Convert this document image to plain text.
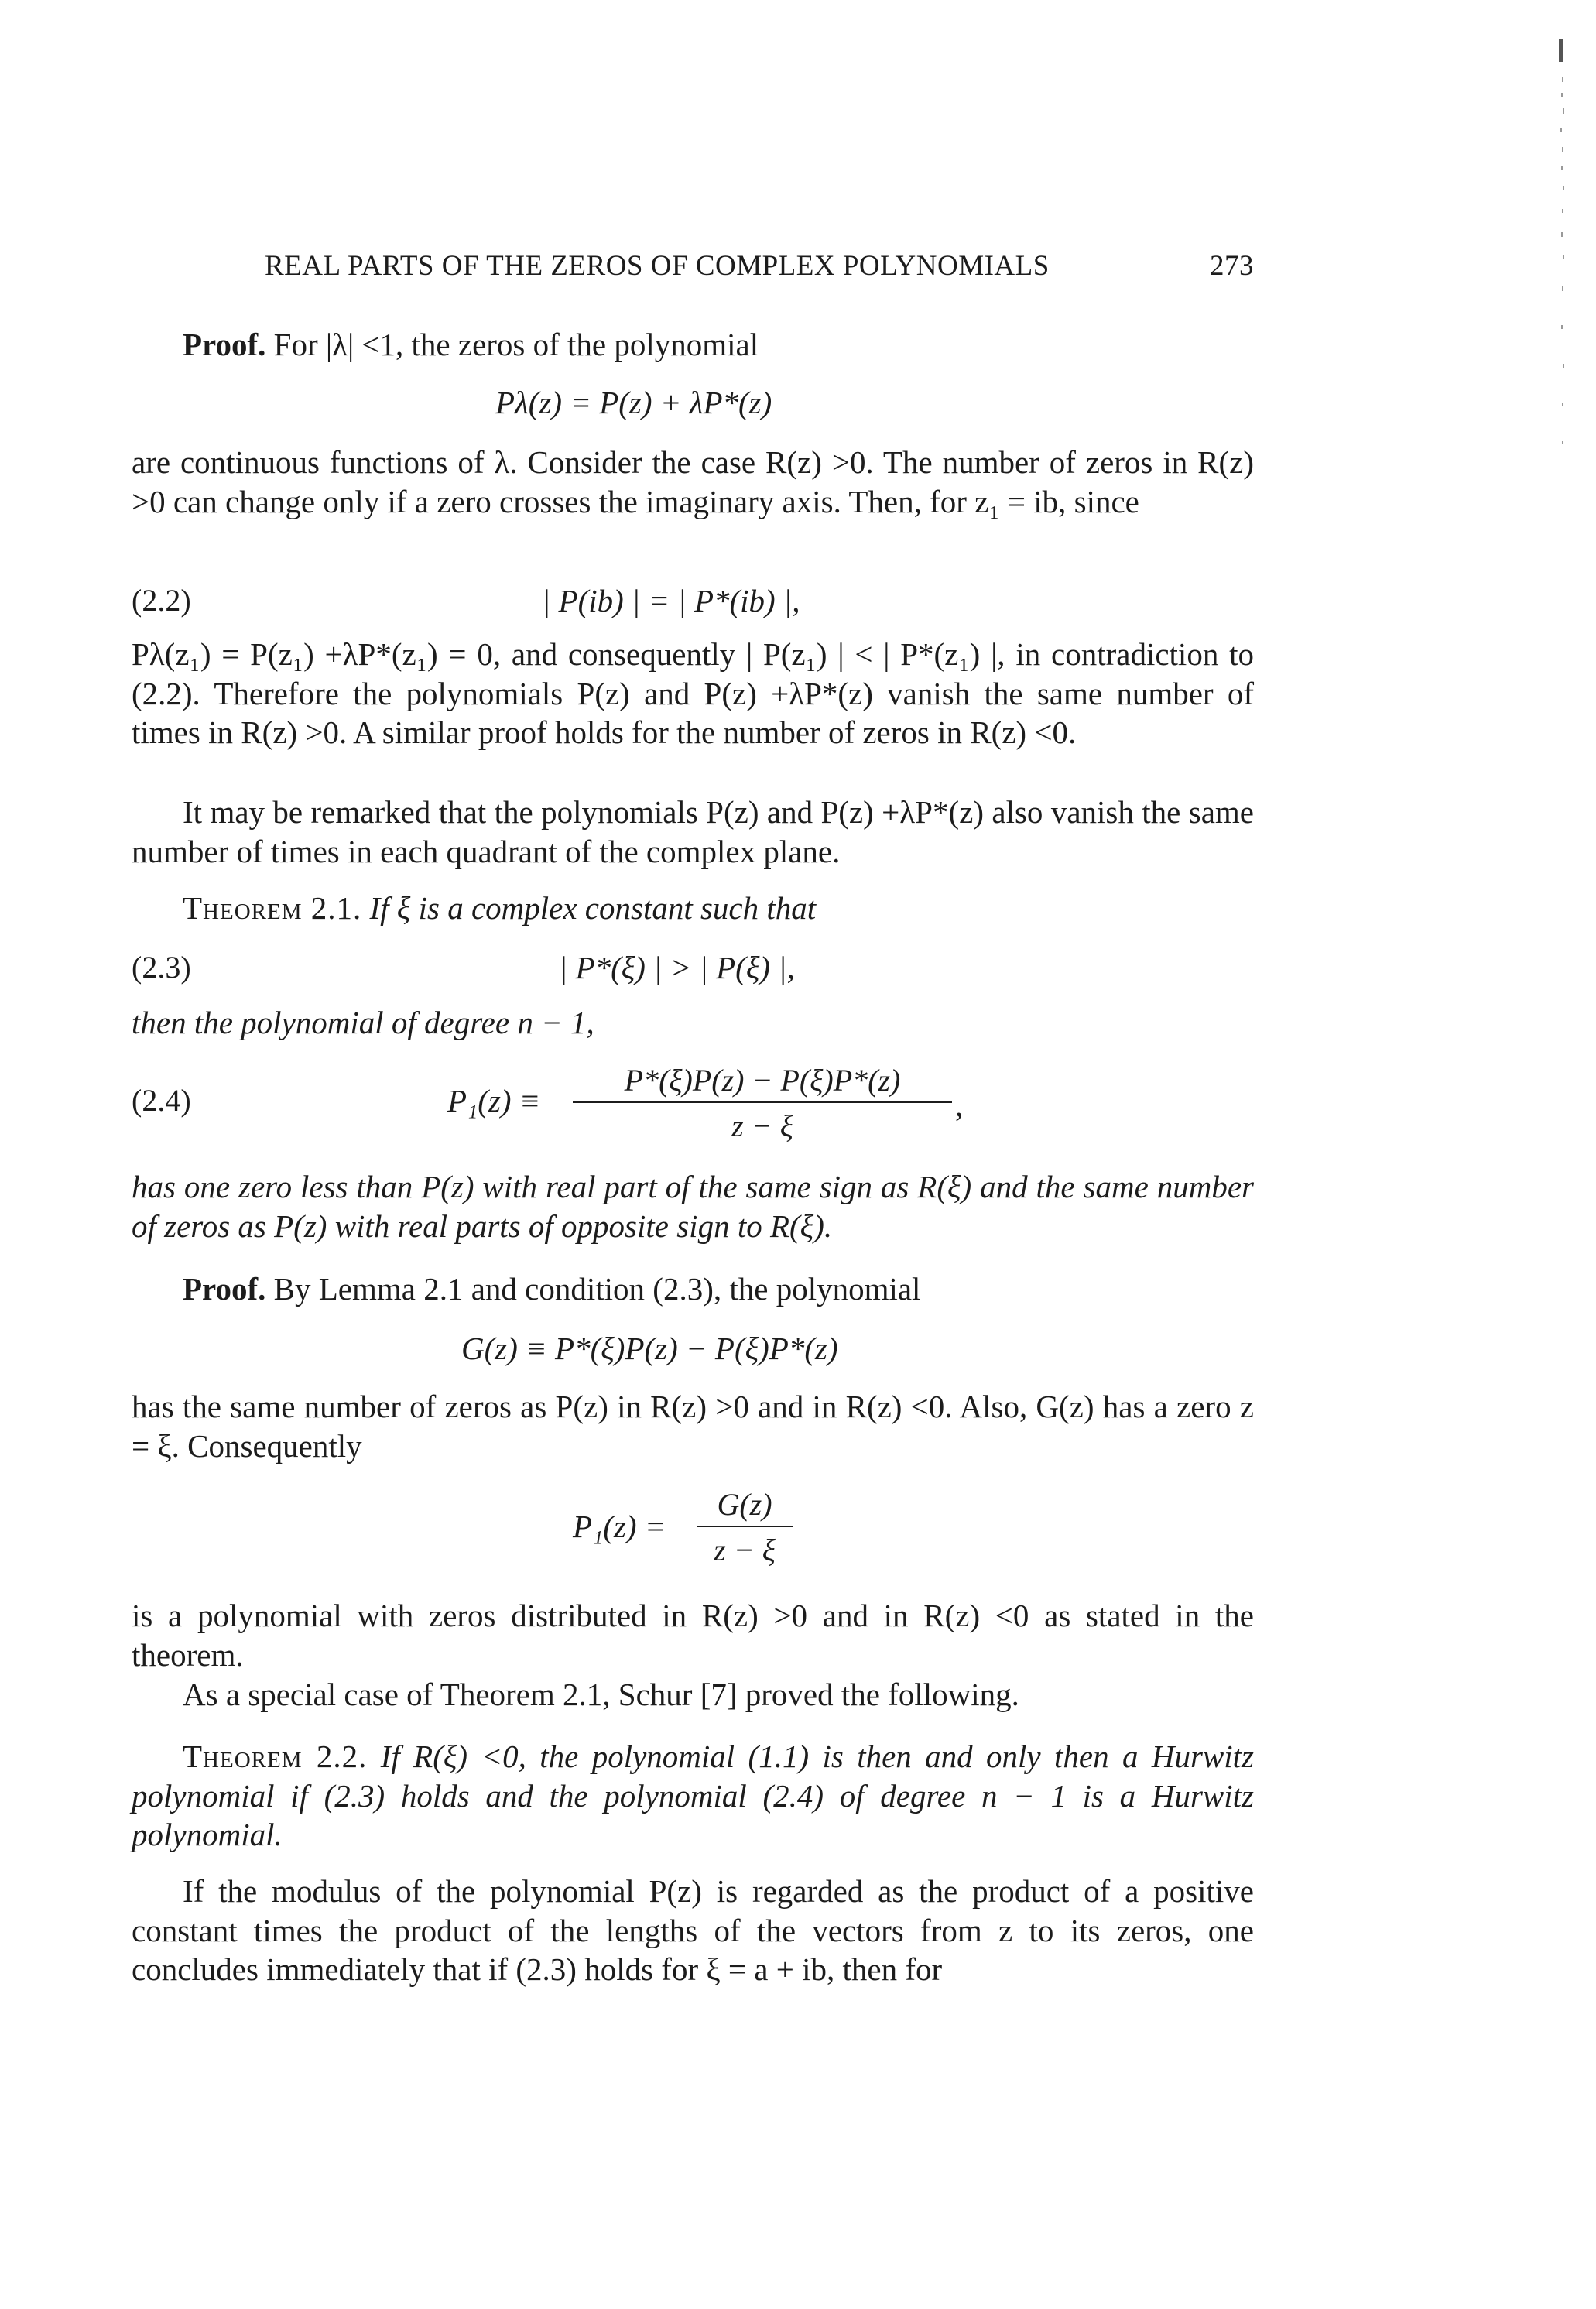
REAL PARTS OF THE ZEROS OF COMPLEX POLYNOMIALS	273
Proof. For |λ| <1, the zeros of the polynomial
Pλ(z) = P(z) + λP*(z)
are continuous functions of λ. Consider the case R(z) >0. The number of zeros in R(z) >0 can change only if a zero crosses the imaginary axis. Then, for z₁ = ib, since
(2.2)	| P(ib) | = | P*(ib) |,
Pλ(z₁) = P(z₁) +λP*(z₁) = 0, and consequently | P(z₁) | < | P*(z₁) |, in contradiction to (2.2). Therefore the polynomials P(z) and P(z) +λP*(z) vanish the same number of times in R(z) >0. A similar proof holds for the number of zeros in R(z) <0.
It may be remarked that the polynomials P(z) and P(z) +λP*(z) also vanish the same number of times in each quadrant of the complex plane.
Theorem 2.1. If ξ is a complex constant such that
(2.3)	| P*(ξ) | > | P(ξ) |,
then the polynomial of degree n − 1,
(2.4)	P₁(z) ≡
P*(ξ)P(z) − P(ξ)P*(z)
z − ξ
,
has one zero less than P(z) with real part of the same sign as R(ξ) and the same number of zeros as P(z) with real parts of opposite sign to R(ξ).
Proof. By Lemma 2.1 and condition (2.3), the polynomial
G(z) ≡ P*(ξ)P(z) − P(ξ)P*(z)
has the same number of zeros as P(z) in R(z) >0 and in R(z) <0. Also, G(z) has a zero z = ξ. Consequently
P₁(z) =
G(z)
z − ξ
is a polynomial with zeros distributed in R(z) >0 and in R(z) <0 as stated in the theorem.
As a special case of Theorem 2.1, Schur [7] proved the following.
Theorem 2.2. If R(ξ) <0, the polynomial (1.1) is then and only then a Hurwitz polynomial if (2.3) holds and the polynomial (2.4) of degree n − 1 is a Hurwitz polynomial.
If the modulus of the polynomial P(z) is regarded as the product of a positive constant times the product of the lengths of the vectors from z to its zeros, one concludes immediately that if (2.3) holds for ξ = a + ib, then for
